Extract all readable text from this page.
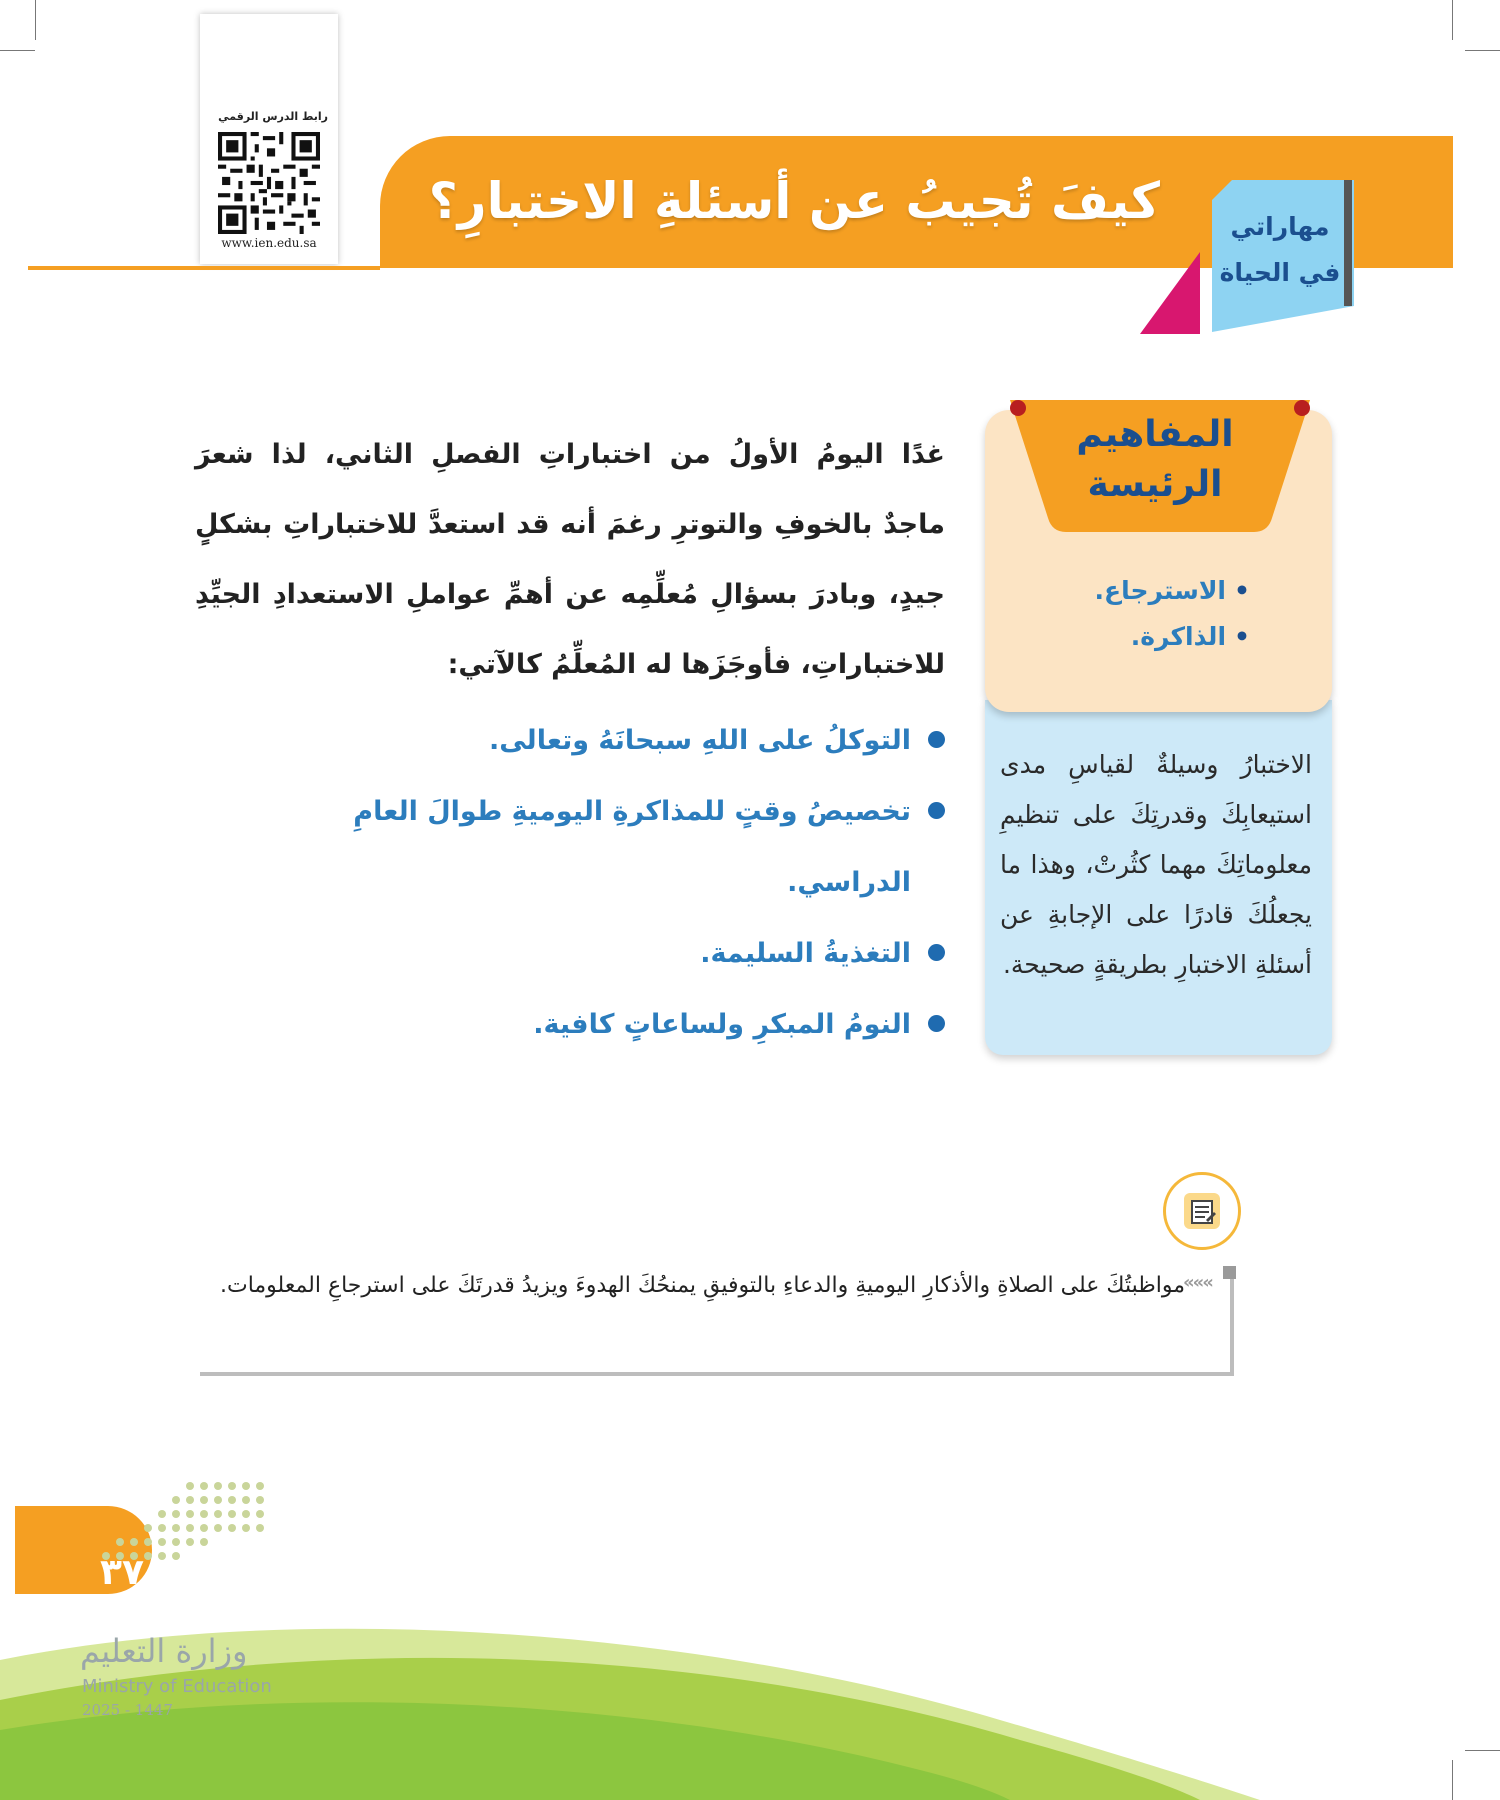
رابط الدرس الرقمي
www.ien.edu.sa
كيفَ تُجيبُ عن أسئلةِ الاختبارِ؟	مهاراتي
في الحياة
غدًا اليومُ الأولُ من اختباراتِ الفصلِ الثاني، لذا شعرَ ماجدٌ بالخوفِ والتوترِ رغمَ أنه قد استعدَّ للاختباراتِ بشكلٍ جيدٍ، وبادرَ بسؤالِ مُعلِّمِه عن أهمِّ عواملِ الاستعدادِ الجيِّدِ للاختباراتِ، فأوجَزَها له المُعلِّمُ كالآتي:
التوكلُ على اللهِ سبحانَهُ وتعالى.
تخصيصُ وقتٍ للمذاكرةِ اليوميةِ طوالَ العامِ الدراسي.
التغذيةُ السليمة.
النومُ المبكرِ ولساعاتٍ كافية.
المفاهيم
الرئيسة
•الاسترجاع.
•الذاكرة.
الاختبارُ وسيلةٌ لقياسِ مدى استيعابِكَ وقدرتِكَ على تنظيمِ معلوماتِكَ مهما كثُرتْ، وهذا ما يجعلُكَ قادرًا على الإجابةِ عن أسئلةِ الاختبارِ بطريقةٍ صحيحة.
«««
مواظبتُكَ على الصلاةِ والأذكارِ اليوميةِ والدعاءِ بالتوفيقِ يمنحُكَ الهدوءَ ويزيدُ قدرتَكَ على استرجاعِ المعلومات.
٣٧
وزارة التعليم
Ministry of Education
2025 - 1447
